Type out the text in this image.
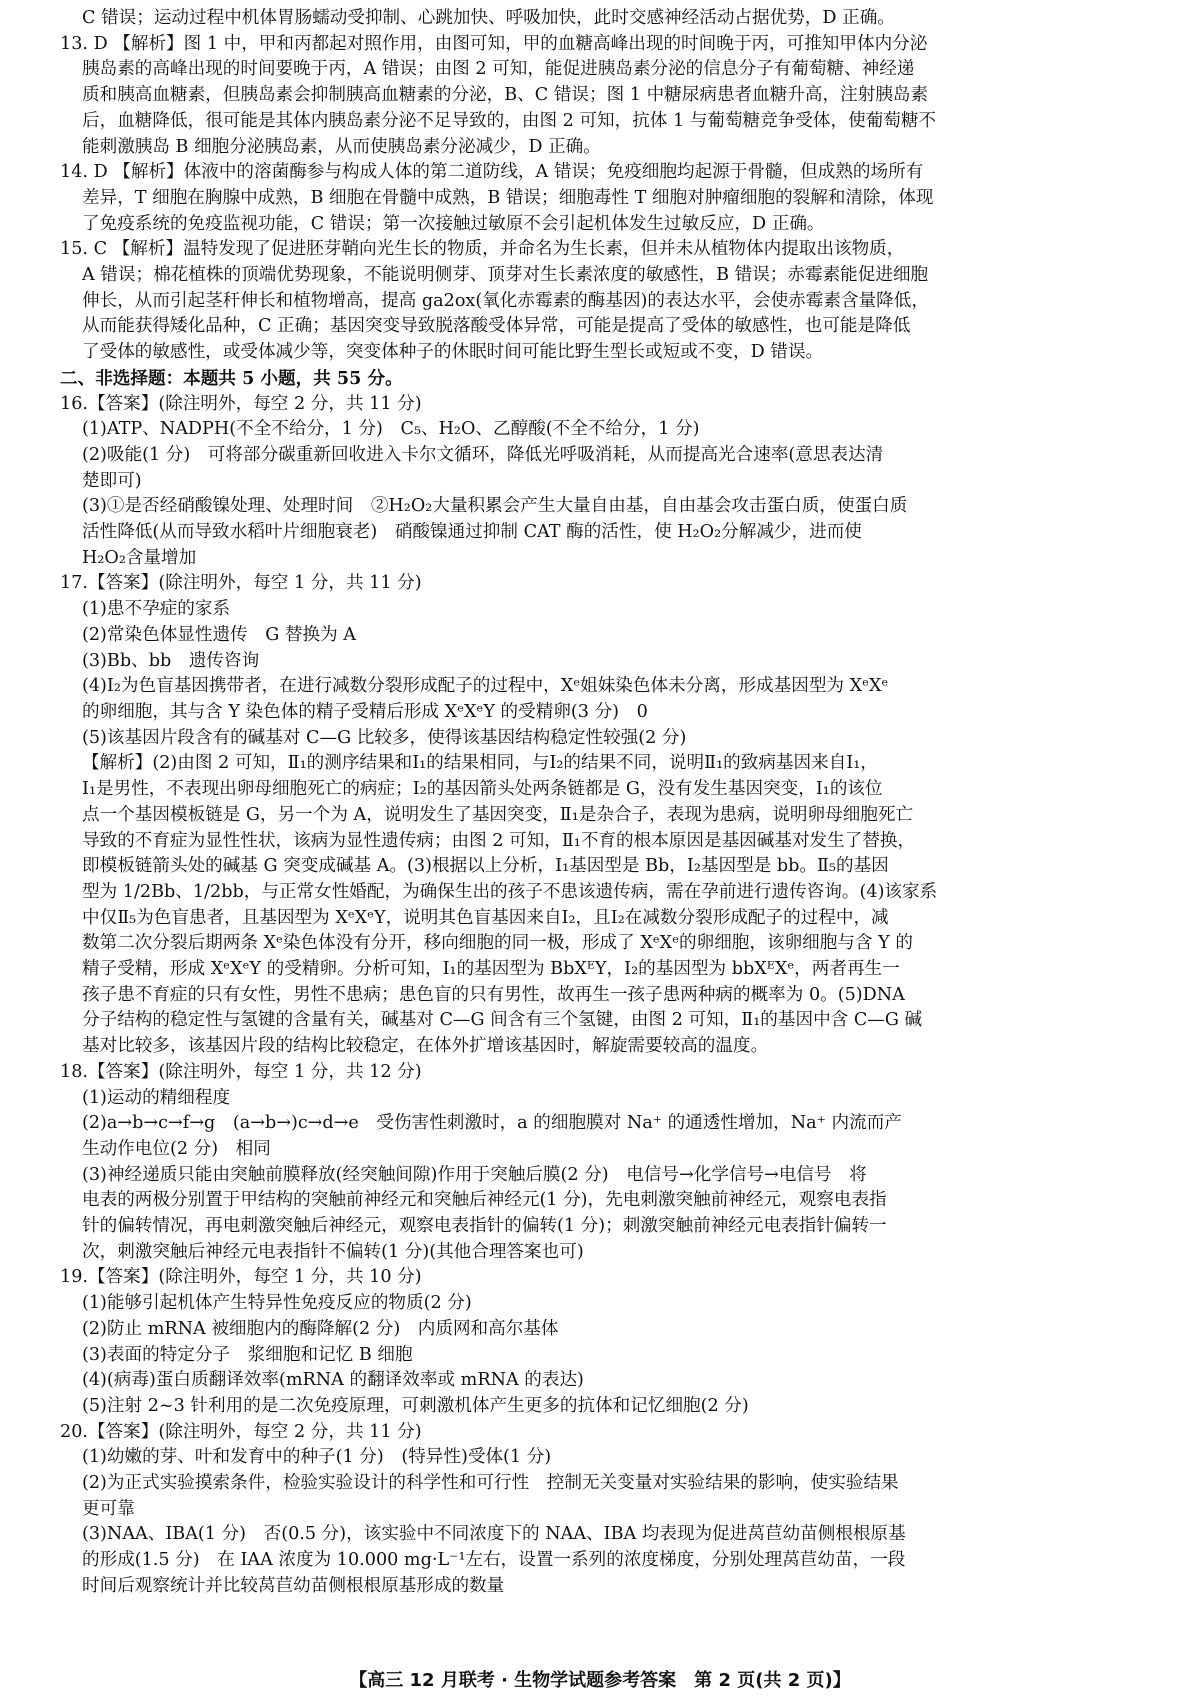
C 错误；运动过程中机体胃肠蠕动受抑制、心跳加快、呼吸加快，此时交感神经活动占据优势，D 正确。

13. D 【解析】图 1 中，甲和丙都起对照作用，由图可知，甲的血糖高峰出现的时间晚于丙，可推知甲体内分泌

胰岛素的高峰出现的时间要晚于丙，A 错误；由图 2 可知，能促进胰岛素分泌的信息分子有葡萄糖、神经递

质和胰高血糖素，但胰岛素会抑制胰高血糖素的分泌，B、C 错误；图 1 中糖尿病患者血糖升高，注射胰岛素

后，血糖降低，很可能是其体内胰岛素分泌不足导致的，由图 2 可知，抗体 1 与葡萄糖竞争受体，使葡萄糖不

能刺激胰岛 B 细胞分泌胰岛素，从而使胰岛素分泌减少，D 正确。

14. D 【解析】体液中的溶菌酶参与构成人体的第二道防线，A 错误；免疫细胞均起源于骨髓，但成熟的场所有

差异，T 细胞在胸腺中成熟，B 细胞在骨髓中成熟，B 错误；细胞毒性 T 细胞对肿瘤细胞的裂解和清除，体现

了免疫系统的免疫监视功能，C 错误；第一次接触过敏原不会引起机体发生过敏反应，D 正确。

15. C 【解析】温特发现了促进胚芽鞘向光生长的物质，并命名为生长素，但并未从植物体内提取出该物质，

A 错误；棉花植株的顶端优势现象，不能说明侧芽、顶芽对生长素浓度的敏感性，B 错误；赤霉素能促进细胞

伸长，从而引起茎秆伸长和植物增高，提高 ga2ox(氧化赤霉素的酶基因)的表达水平，会使赤霉素含量降低，

从而能获得矮化品种，C 正确；基因突变导致脱落酸受体异常，可能是提高了受体的敏感性，也可能是降低

了受体的敏感性，或受体减少等，突变体种子的休眠时间可能比野生型长或短或不变，D 错误。

二、非选择题：本题共 5 小题，共 55 分。

16.【答案】(除注明外，每空 2 分，共 11 分)

(1)ATP、NADPH(不全不给分，1 分)　C₅、H₂O、乙醇酸(不全不给分，1 分)

(2)吸能(1 分)　可将部分碳重新回收进入卡尔文循环，降低光呼吸消耗，从而提高光合速率(意思表达清

楚即可)

(3)①是否经硝酸镍处理、处理时间　②H₂O₂大量积累会产生大量自由基，自由基会攻击蛋白质，使蛋白质

活性降低(从而导致水稻叶片细胞衰老)　硝酸镍通过抑制 CAT 酶的活性，使 H₂O₂分解减少，进而使

H₂O₂含量增加

17.【答案】(除注明外，每空 1 分，共 11 分)

(1)患不孕症的家系

(2)常染色体显性遗传　G 替换为 A

(3)Bb、bb　遗传咨询

(4)Ⅰ₂为色盲基因携带者，在进行减数分裂形成配子的过程中，Xᵉ姐妹染色体未分离，形成基因型为 XᵉXᵉ

的卵细胞，其与含 Y 染色体的精子受精后形成 XᵉXᵉY 的受精卵(3 分)　0

(5)该基因片段含有的碱基对 C—G 比较多，使得该基因结构稳定性较强(2 分)

【解析】(2)由图 2 可知，Ⅱ₁的测序结果和Ⅰ₁的结果相同，与Ⅰ₂的结果不同，说明Ⅱ₁的致病基因来自Ⅰ₁，

Ⅰ₁是男性，不表现出卵母细胞死亡的病症；Ⅰ₂的基因箭头处两条链都是 G，没有发生基因突变，Ⅰ₁的该位

点一个基因模板链是 G，另一个为 A，说明发生了基因突变，Ⅱ₁是杂合子，表现为患病，说明卵母细胞死亡

导致的不育症为显性性状，该病为显性遗传病；由图 2 可知，Ⅱ₁不育的根本原因是基因碱基对发生了替换，

即模板链箭头处的碱基 G 突变成碱基 A。(3)根据以上分析，Ⅰ₁基因型是 Bb，Ⅰ₂基因型是 bb。Ⅱ₅的基因

型为 1/2Bb、1/2bb，与正常女性婚配，为确保生出的孩子不患该遗传病，需在孕前进行遗传咨询。(4)该家系

中仅Ⅱ₅为色盲患者，且基因型为 XᵉXᵉY，说明其色盲基因来自Ⅰ₂，且Ⅰ₂在减数分裂形成配子的过程中，减

数第二次分裂后期两条 Xᵉ染色体没有分开，移向细胞的同一极，形成了 XᵉXᵉ的卵细胞，该卵细胞与含 Y 的

精子受精，形成 XᵉXᵉY 的受精卵。分析可知，Ⅰ₁的基因型为 BbXᴱY，Ⅰ₂的基因型为 bbXᴱXᵉ，两者再生一

孩子患不育症的只有女性，男性不患病；患色盲的只有男性，故再生一孩子患两种病的概率为 0。(5)DNA

分子结构的稳定性与氢键的含量有关，碱基对 C—G 间含有三个氢键，由图 2 可知，Ⅱ₁的基因中含 C—G 碱

基对比较多，该基因片段的结构比较稳定，在体外扩增该基因时，解旋需要较高的温度。

18.【答案】(除注明外，每空 1 分，共 12 分)

(1)运动的精细程度

(2)a→b→c→f→g　(a→b→)c→d→e　受伤害性刺激时，a 的细胞膜对 Na⁺ 的通透性增加，Na⁺ 内流而产

生动作电位(2 分)　相同

(3)神经递质只能由突触前膜释放(经突触间隙)作用于突触后膜(2 分)　电信号→化学信号→电信号　将

电表的两极分别置于甲结构的突触前神经元和突触后神经元(1 分)，先电刺激突触前神经元，观察电表指

针的偏转情况，再电刺激突触后神经元，观察电表指针的偏转(1 分)；刺激突触前神经元电表指针偏转一

次，刺激突触后神经元电表指针不偏转(1 分)(其他合理答案也可)

19.【答案】(除注明外，每空 1 分，共 10 分)

(1)能够引起机体产生特异性免疫反应的物质(2 分)

(2)防止 mRNA 被细胞内的酶降解(2 分)　内质网和高尔基体

(3)表面的特定分子　浆细胞和记忆 B 细胞

(4)(病毒)蛋白质翻译效率(mRNA 的翻译效率或 mRNA 的表达)

(5)注射 2~3 针利用的是二次免疫原理，可刺激机体产生更多的抗体和记忆细胞(2 分)

20.【答案】(除注明外，每空 2 分，共 11 分)

(1)幼嫩的芽、叶和发育中的种子(1 分)　(特异性)受体(1 分)

(2)为正式实验摸索条件，检验实验设计的科学性和可行性　控制无关变量对实验结果的影响，使实验结果

更可靠

(3)NAA、IBA(1 分)　否(0.5 分)，该实验中不同浓度下的 NAA、IBA 均表现为促进莴苣幼苗侧根根原基

的形成(1.5 分)　在 IAA 浓度为 10.000 mg·L⁻¹左右，设置一系列的浓度梯度，分别处理莴苣幼苗，一段

时间后观察统计并比较莴苣幼苗侧根根原基形成的数量

【高三 12 月联考 · 生物学试题参考答案　第 2 页(共 2 页)】
